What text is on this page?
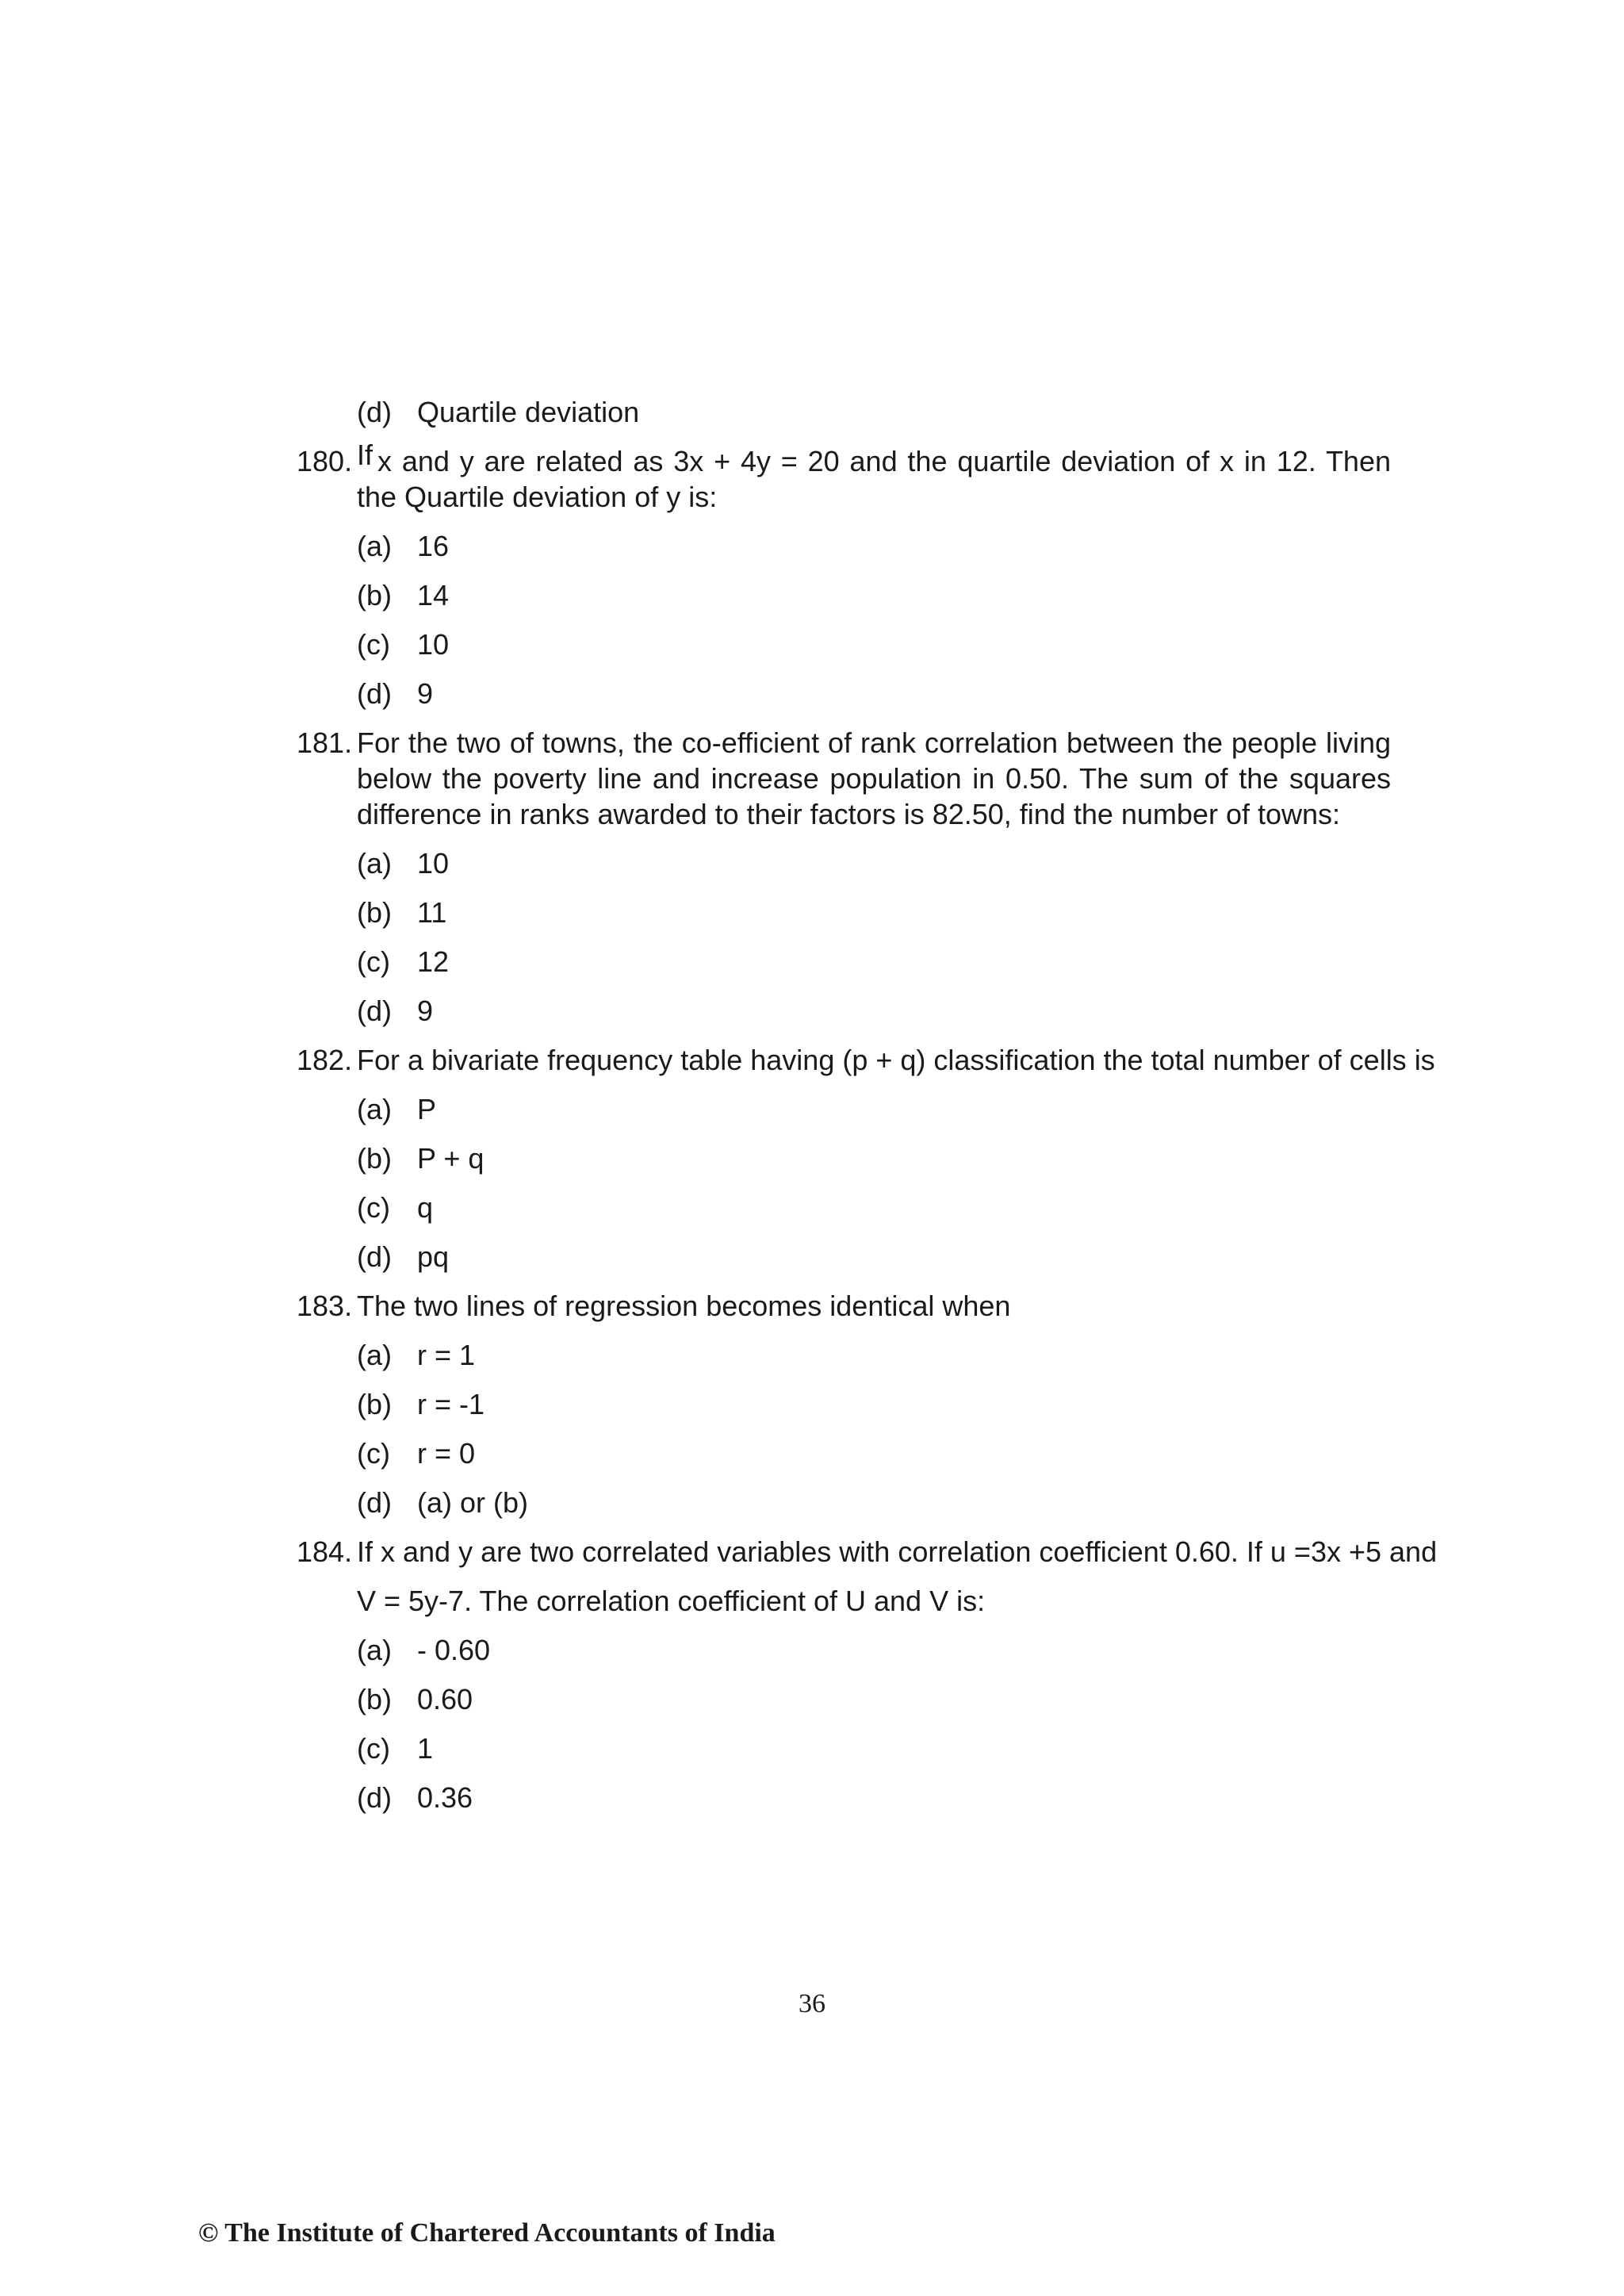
(d) Quartile deviation
180. If x and y are related as 3x + 4y = 20 and the quartile deviation of x in 12. Then the Quartile deviation of y is:
(a) 16
(b) 14
(c) 10
(d) 9
181. For the two of towns, the co-efficient of rank correlation between the people living below the poverty line and increase population in 0.50. The sum of the squares difference in ranks awarded to their factors is 82.50, find the number of towns:
(a) 10
(b) 11
(c) 12
(d) 9
182. For a bivariate frequency table having (p + q) classification the total number of cells is
(a) P
(b) P + q
(c) q
(d) pq
183. The two lines of regression becomes identical when
(a) r = 1
(b) r = -1
(c) r = 0
(d) (a) or (b)
184. If x and y are two correlated variables with correlation coefficient 0.60. If u =3x +5 and
V = 5y-7. The correlation coefficient of U and V is:
(a) - 0.60
(b) 0.60
(c) 1
(d) 0.36
36
© The Institute of Chartered Accountants of India
